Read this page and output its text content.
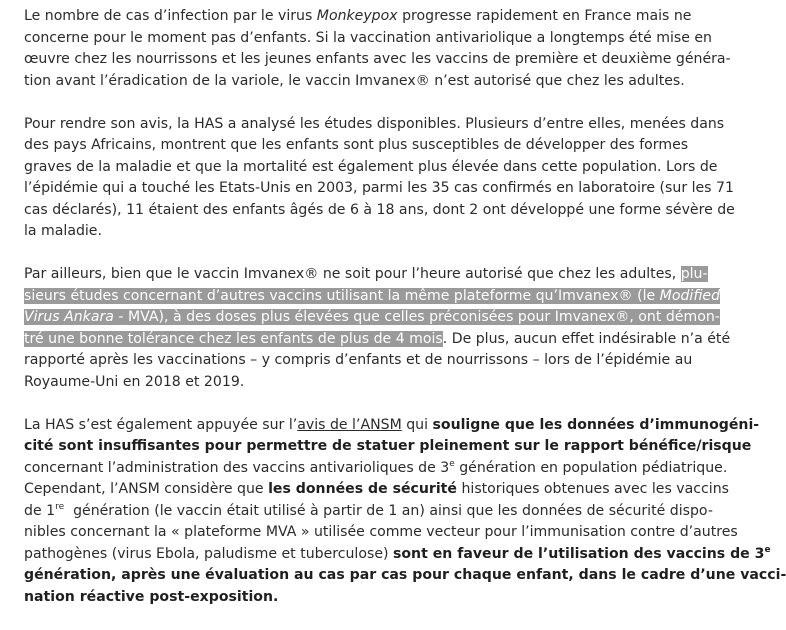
Le nombre de cas d’infection par le virus Monkeypox progresse rapidement en France mais ne
concerne pour le moment pas d’enfants. Si la vaccination antivariolique a longtemps été mise en
œuvre chez les nourrissons et les jeunes enfants avec les vaccins de première et deuxième généra-
tion avant l’éradication de la variole, le vaccin Imvanex® n’est autorisé que chez les adultes.
Pour rendre son avis, la HAS a analysé les études disponibles. Plusieurs d’entre elles, menées dans
des pays Africains, montrent que les enfants sont plus susceptibles de développer des formes
graves de la maladie et que la mortalité est également plus élevée dans cette population. Lors de
l’épidémie qui a touché les Etats-Unis en 2003, parmi les 35 cas confirmés en laboratoire (sur les 71
cas déclarés), 11 étaient des enfants âgés de 6 à 18 ans, dont 2 ont développé une forme sévère de
la maladie.
Par ailleurs, bien que le vaccin Imvanex® ne soit pour l’heure autorisé que chez les adultes, plu-
sieurs études concernant d’autres vaccins utilisant la même plateforme qu’Imvanex® (le Modified
Virus Ankara - MVA), à des doses plus élevées que celles préconisées pour Imvanex®, ont démon-
tré une bonne tolérance chez les enfants de plus de 4 mois. De plus, aucun effet indésirable n’a été
rapporté après les vaccinations – y compris d’enfants et de nourrissons – lors de l’épidémie au
Royaume-Uni en 2018 et 2019.
La HAS s’est également appuyée sur l’avis de l’ANSM qui souligne que les données d’immunogéni-
cité sont insuffisantes pour permettre de statuer pleinement sur le rapport bénéfice/risque
concernant l’administration des vaccins antivarioliques de 3e génération en population pédiatrique.
Cependant, l’ANSM considère que les données de sécurité historiques obtenues avec les vaccins
de 1re  génération (le vaccin était utilisé à partir de 1 an) ainsi que les données de sécurité dispo-
nibles concernant la « plateforme MVA » utilisée comme vecteur pour l’immunisation contre d’autres
pathogènes (virus Ebola, paludisme et tuberculose) sont en faveur de l’utilisation des vaccins de 3e
génération, après une évaluation au cas par cas pour chaque enfant, dans le cadre d’une vacci-
nation réactive post-exposition.
